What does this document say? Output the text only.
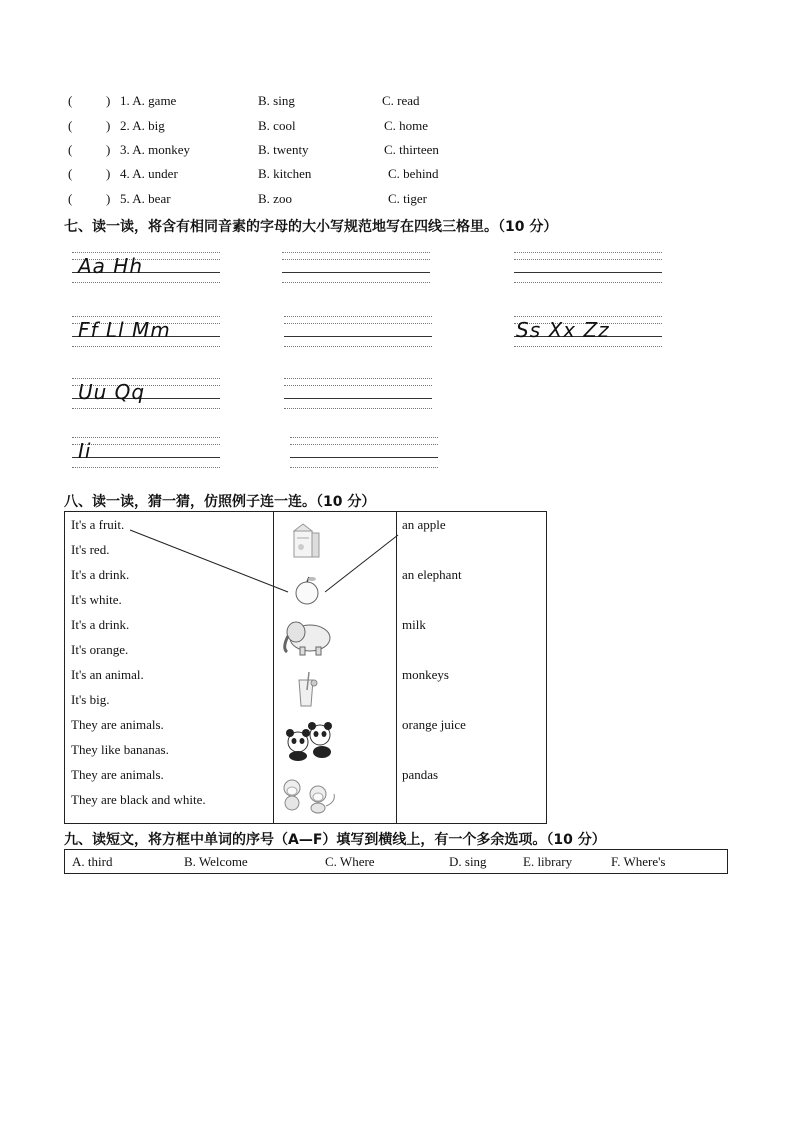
(	) 1. A. game	B. sing	C. read
(	) 2. A. big	B. cool	C. home
(	) 3. A. monkey	B. twenty	C. thirteen
(	) 4. A. under	B. kitchen	C. behind
(	) 5. A. bear	B. zoo	C. tiger
七、读一读，将含有相同音素的字母的大小写规范地写在四线三格里。（10 分）
Aa Hh
Ff Ll Mm	Ss Xx Zz
Uu Qq
Ii
八、读一读，猜一猜，仿照例子连一连。（10 分）
It's a fruit.
It's red.
It's a drink.
It's white.
It's a drink.
It's orange.
It's an animal.
It's big.
They are animals.
They like bananas.
They are animals.
They are black and white.

an apple
an elephant
milk
monkeys
orange juice
pandas
九、读短文，将方框中单词的序号（A—F）填写到横线上，有一个多余选项。（10 分）
A. third	B. Welcome	C. Where	D. sing	E. library	F. Where's
